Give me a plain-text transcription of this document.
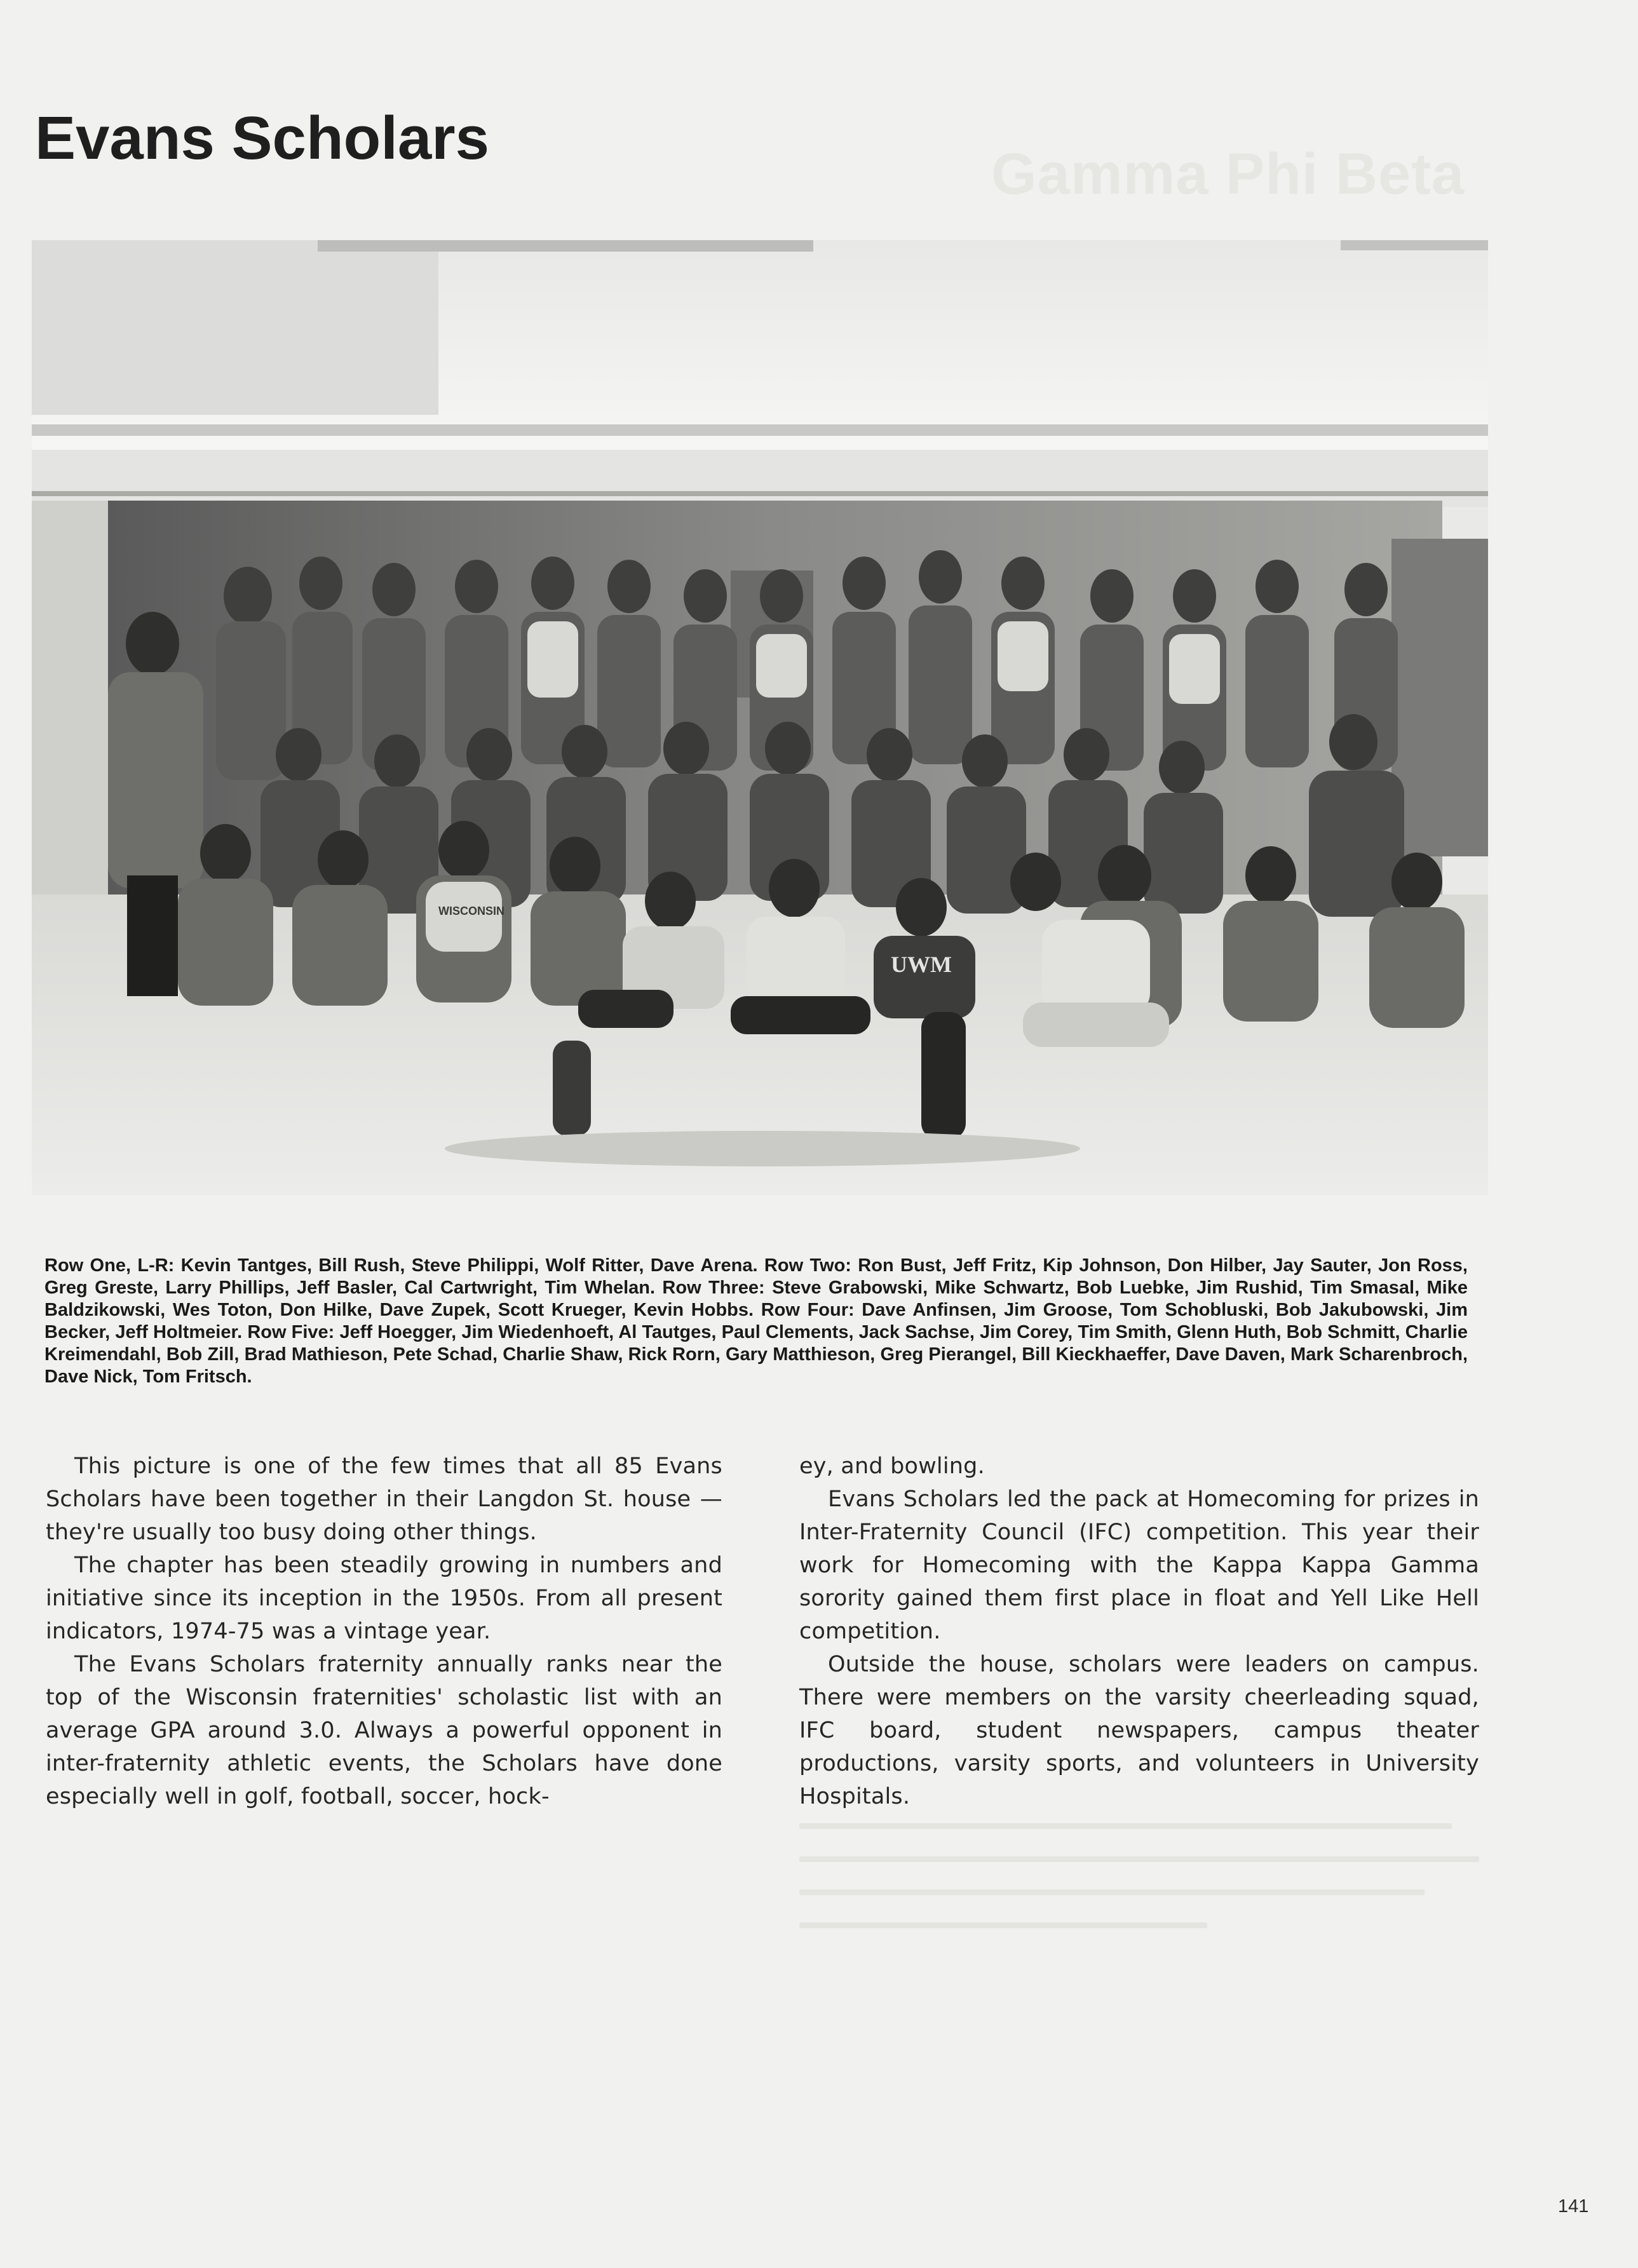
Gamma Phi Beta
Evans Scholars
WISCONSIN
UWM

Row One, L-R: Kevin Tantges, Bill Rush, Steve Philippi, Wolf Ritter, Dave Arena. Row Two: Ron Bust, Jeff Fritz, Kip Johnson, Don Hilber, Jay Sauter, Jon Ross, Greg Greste, Larry Phillips, Jeff Basler, Cal Cartwright, Tim Whelan. Row Three: Steve Grabowski, Mike Schwartz, Bob Luebke, Jim Rushid, Tim Smasal, Mike Baldzikowski, Wes Toton, Don Hilke, Dave Zupek, Scott Krueger, Kevin Hobbs. Row Four: Dave Anfinsen, Jim Groose, Tom Schobluski, Bob Jakubowski, Jim Becker, Jeff Holtmeier. Row Five: Jeff Hoegger, Jim Wiedenhoeft, Al Tautges, Paul Clements, Jack Sachse, Jim Corey, Tim Smith, Glenn Huth, Bob Schmitt, Charlie Kreimendahl, Bob Zill, Brad Mathieson, Pete Schad, Charlie Shaw, Rick Rorn, Gary Matthieson, Greg Pierangel, Bill Kieckhaeffer, Dave Daven, Mark Scharenbroch, Dave Nick, Tom Fritsch.

This picture is one of the few times that all 85 Evans Scholars have been together in their Langdon St. house — they're usually too busy doing other things.

The chapter has been steadily growing in numbers and initiative since its inception in the 1950s. From all present indicators, 1974-75 was a vintage year.

The Evans Scholars fraternity annually ranks near the top of the Wisconsin fraternities' scholastic list with an average GPA around 3.0. Always a powerful opponent in inter-fraternity athletic events, the Scholars have done especially well in golf, football, soccer, hock-

ey, and bowling.

Evans Scholars led the pack at Homecoming for prizes in Inter-Fraternity Council (IFC) competition. This year their work for Homecoming with the Kappa Kappa Gamma sorority gained them first place in float and Yell Like Hell competition.

Outside the house, scholars were leaders on campus. There were members on the varsity cheerleading squad, IFC board, student newspapers, campus theater productions, varsity sports, and volunteers in University Hospitals.

141
